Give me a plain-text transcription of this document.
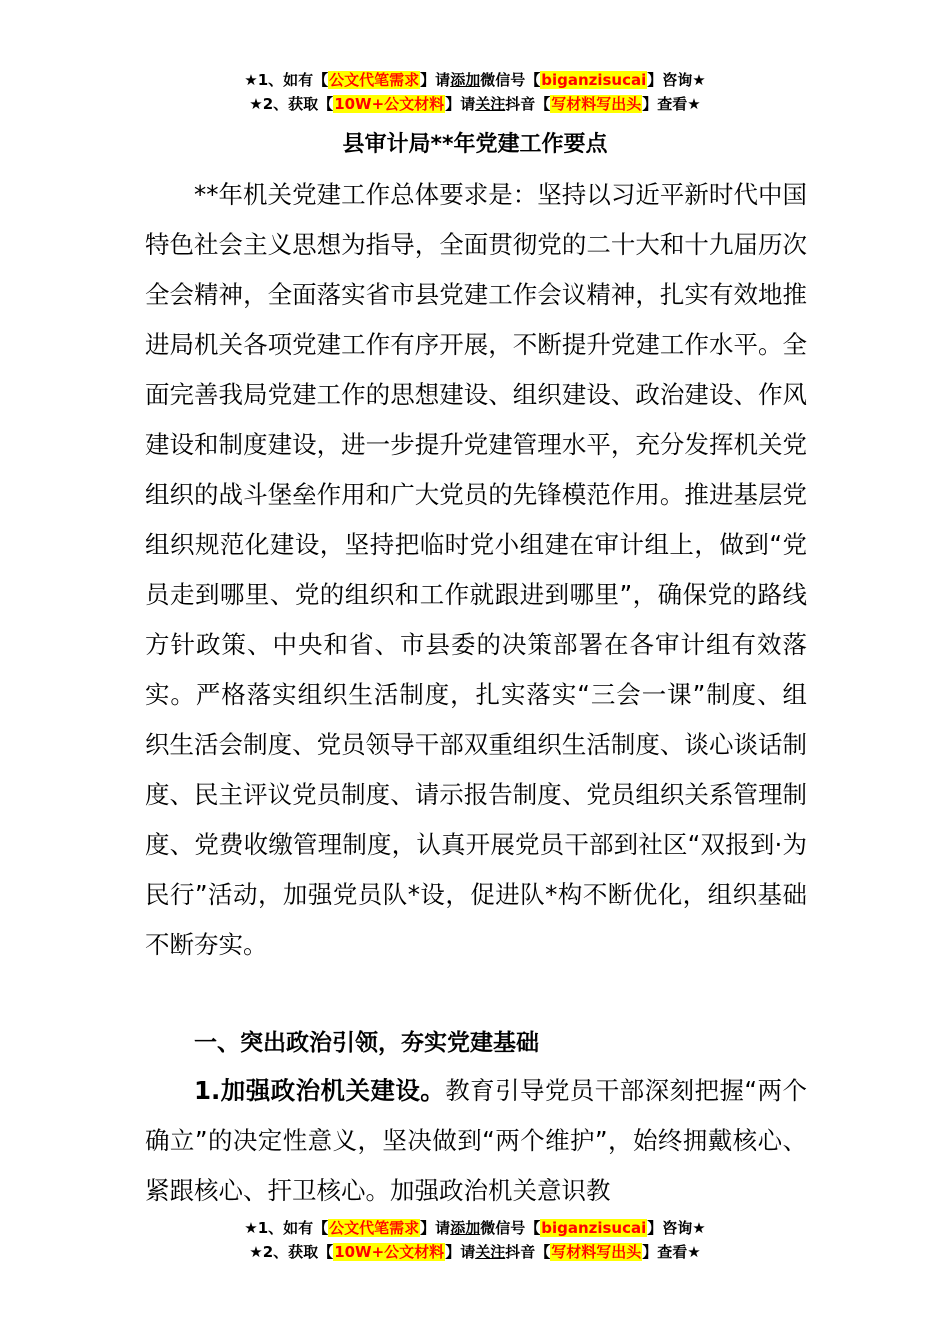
★1、如有【公文代笔需求】请添加微信号【biganzisucai】咨询★
★2、获取【10W+公文材料】请关注抖音【写材料写出头】查看★
县审计局**年党建工作要点

**年机关党建工作总体要求是：坚持以习近平新时代中国特色社会主义思想为指导，全面贯彻党的二十大和十九届历次全会精神，全面落实省市县党建工作会议精神，扎实有效地推进局机关各项党建工作有序开展，不断提升党建工作水平。全面完善我局党建工作的思想建设、组织建设、政治建设、作风建设和制度建设，进一步提升党建管理水平，充分发挥机关党组织的战斗堡垒作用和广大党员的先锋模范作用。推进基层党组织规范化建设，坚持把临时党小组建在审计组上，做到“党员走到哪里、党的组织和工作就跟进到哪里”，确保党的路线方针政策、中央和省、市县委的决策部署在各审计组有效落实。严格落实组织生活制度，扎实落实“三会一课”制度、组织生活会制度、党员领导干部双重组织生活制度、谈心谈话制度、民主评议党员制度、请示报告制度、党员组织关系管理制度、党费收缴管理制度，认真开展党员干部到社区“双报到·为民行”活动，加强党员队*设，促进队*构不断优化，组织基础不断夯实。

一、突出政治引领，夯实党建基础

1.加强政治机关建设。教育引导党员干部深刻把握“两个确立”的决定性意义，坚决做到“两个维护”，始终拥戴核心、紧跟核心、扞卫核心。加强政治机关意识教

★1、如有【公文代笔需求】请添加微信号【biganzisucai】咨询★
★2、获取【10W+公文材料】请关注抖音【写材料写出头】查看★
